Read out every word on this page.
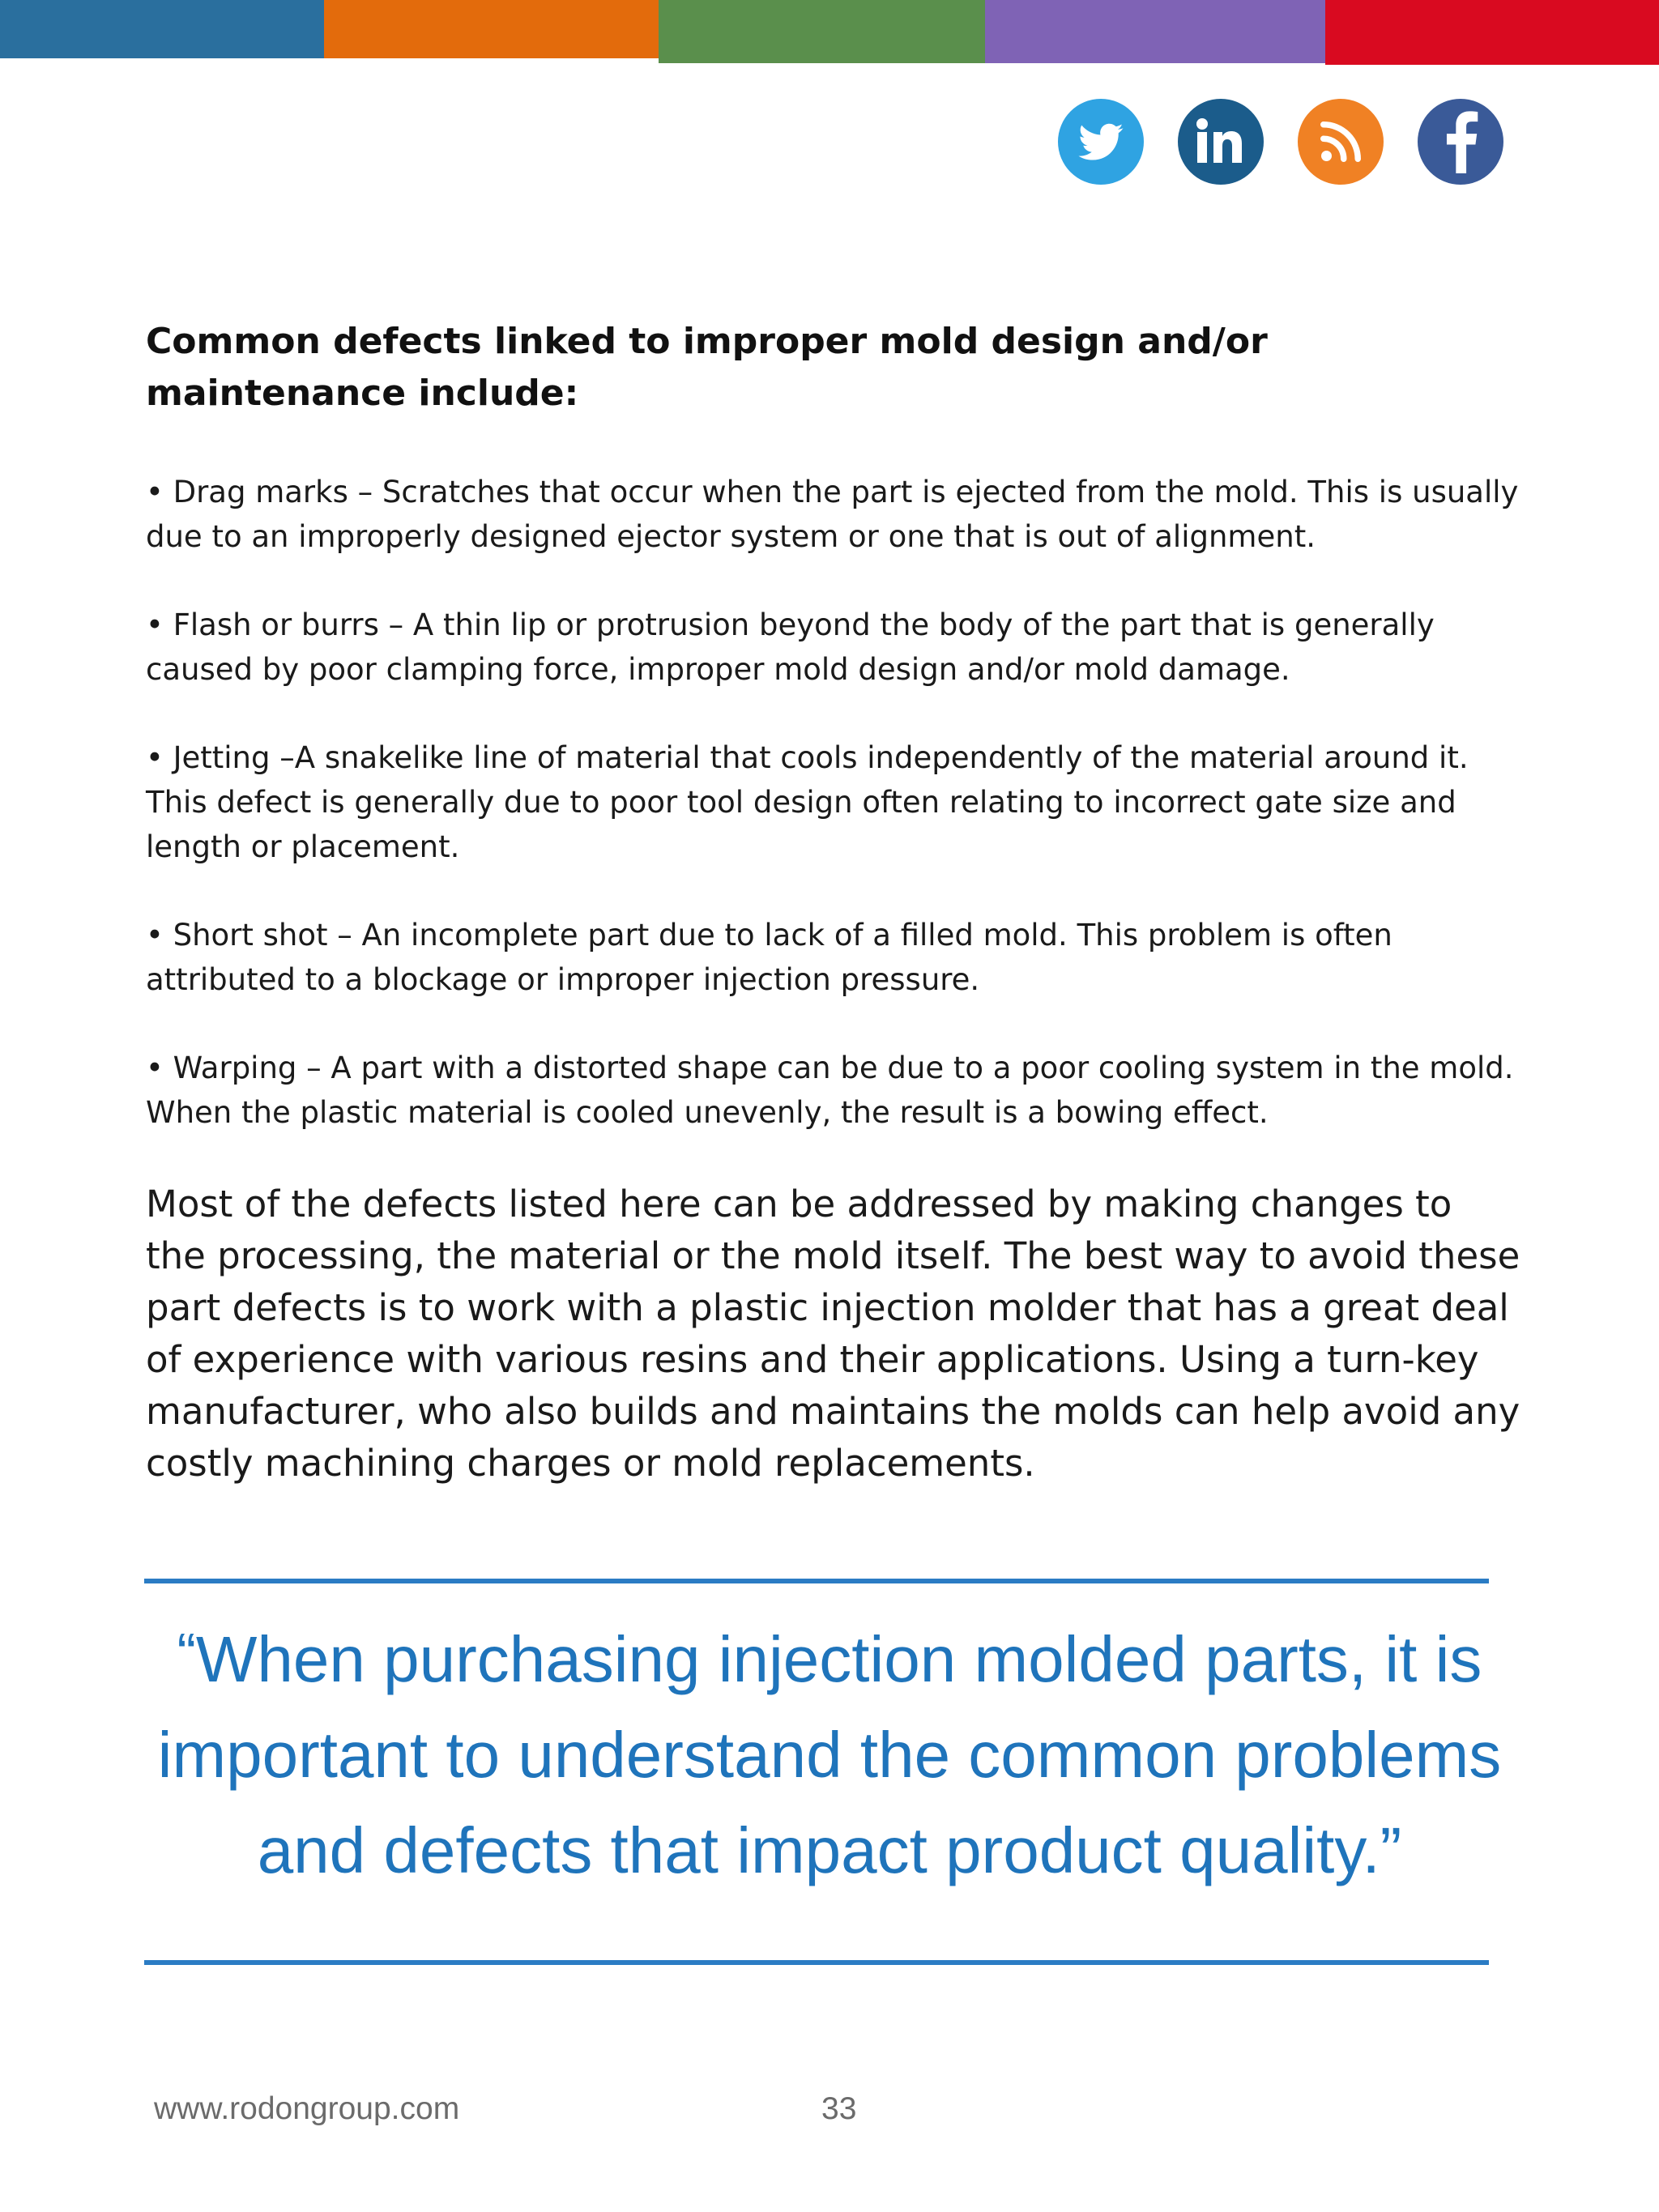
Common defects linked to improper mold design and/or maintenance include:

• Drag marks – Scratches that occur when the part is ejected from the mold. This is usually due to an improperly designed ejector system or one that is out of alignment.

• Flash or burrs – A thin lip or protrusion beyond the body of the part that is generally caused by poor clamping force, improper mold design and/or mold damage.

• Jetting –A snakelike line of material that cools independently of the material around it. This defect is generally due to poor tool design often relating to incorrect gate size and length or placement.

• Short shot – An incomplete part due to lack of a filled mold. This problem is often attributed to a blockage or improper injection pressure.

• Warping – A part with a distorted shape can be due to a poor cooling system in the mold. When the plastic material is cooled unevenly, the result is a bowing effect.

Most of the defects listed here can be addressed by making changes to the processing, the material or the mold itself. The best way to avoid these part defects is to work with a plastic injection molder that has a great deal of experience with various resins and their applications. Using a turn-key manufacturer, who also builds and maintains the molds can help avoid any costly machining charges or mold replacements.
“When purchasing injection molded parts, it is important to understand the common problems and defects that impact product quality.”
www.rodongroup.com	33
